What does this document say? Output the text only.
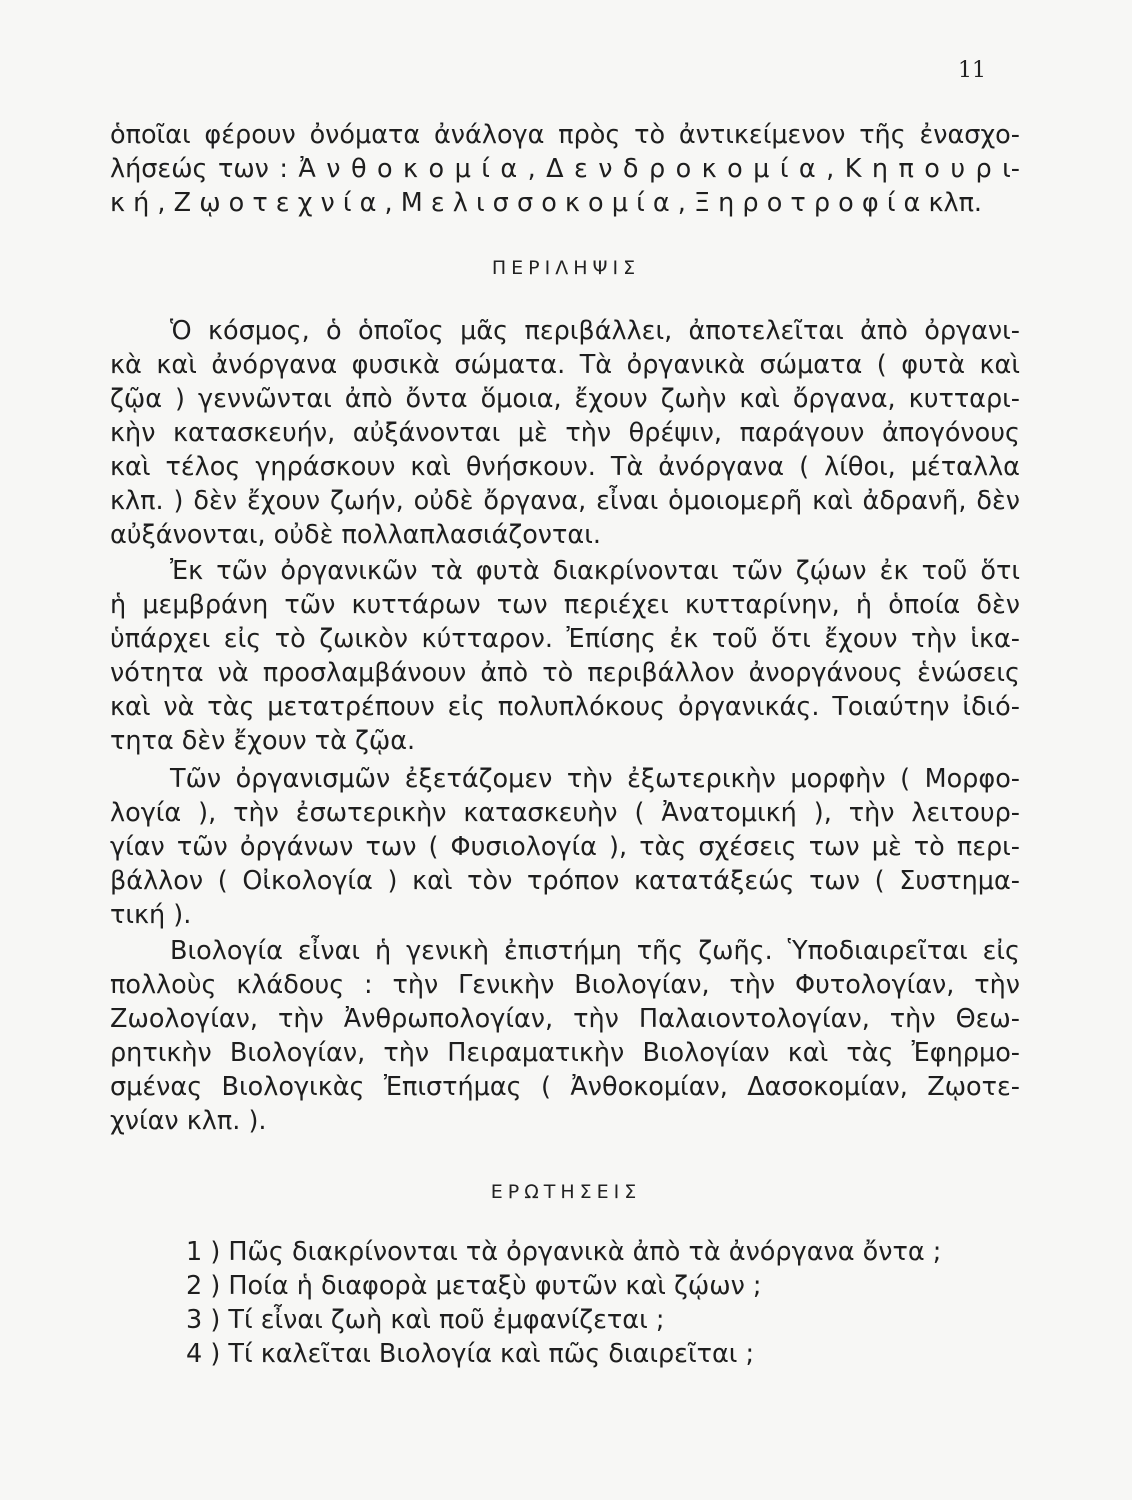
11
ὁποῖαι φέρουν ὀνόματα ἀνάλογα πρὸς τὸ ἀντικείμενον τῆς ἐνασχο-
λήσεώς των : Ἀ ν θ ο κ ο μ ί α , Δ ε ν δ ρ ο κ ο μ ί α , Κ η π ο υ ρ ι-
κ ή , Ζ ῳ ο τ ε χ ν ί α , Μ ε λ ι σ σ ο κ ο μ ί α , Ξ η ρ ο τ ρ ο φ ί α κλπ.
ΠΕΡΙΛΗΨΙΣ
Ὁ κόσμος, ὁ ὁποῖος μᾶς περιβάλλει, ἀποτελεῖται ἀπὸ ὀργανι-
κὰ καὶ ἀνόργανα φυσικὰ σώματα. Τὰ ὀργανικὰ σώματα ( φυτὰ καὶ
ζῷα ) γεννῶνται ἀπὸ ὄντα ὅμοια, ἔχουν ζωὴν καὶ ὄργανα, κυτταρι-
κὴν κατασκευήν, αὐξάνονται μὲ τὴν θρέψιν, παράγουν ἀπογόνους
καὶ τέλος γηράσκουν καὶ θνήσκουν. Τὰ ἀνόργανα ( λίθοι, μέταλλα
κλπ. ) δὲν ἔχουν ζωήν, οὐδὲ ὄργανα, εἶναι ὁμοιομερῆ καὶ ἀδρανῆ, δὲν
αὐξάνονται, οὐδὲ πολλαπλασιάζονται.
Ἐκ τῶν ὀργανικῶν τὰ φυτὰ διακρίνονται τῶν ζῴων ἐκ τοῦ ὅτι
ἡ μεμβράνη τῶν κυττάρων των περιέχει κυτταρίνην, ἡ ὁποία δὲν
ὑπάρχει εἰς τὸ ζωικὸν κύτταρον. Ἐπίσης ἐκ τοῦ ὅτι ἔχουν τὴν ἱκα-
νότητα νὰ προσλαμβάνουν ἀπὸ τὸ περιβάλλον ἀνοργάνους ἑνώσεις
καὶ νὰ τὰς μετατρέπουν εἰς πολυπλόκους ὀργανικάς. Τοιαύτην ἰδιό-
τητα δὲν ἔχουν τὰ ζῷα.
Τῶν ὀργανισμῶν ἐξετάζομεν τὴν ἐξωτερικὴν μορφὴν ( Μορφο-
λογία ), τὴν ἐσωτερικὴν κατασκευὴν ( Ἀνατομική ), τὴν λειτουρ-
γίαν τῶν ὀργάνων των ( Φυσιολογία ), τὰς σχέσεις των μὲ τὸ περι-
βάλλον ( Οἰκολογία ) καὶ τὸν τρόπον κατατάξεώς των ( Συστημα-
τική ).
Βιολογία εἶναι ἡ γενικὴ ἐπιστήμη τῆς ζωῆς. Ὑποδιαιρεῖται εἰς
πολλοὺς κλάδους : τὴν Γενικὴν Βιολογίαν, τὴν Φυτολογίαν, τὴν
Ζωολογίαν, τὴν Ἀνθρωπολογίαν, τὴν Παλαιοντολογίαν, τὴν Θεω-
ρητικὴν Βιολογίαν, τὴν Πειραματικὴν Βιολογίαν καὶ τὰς Ἐφηρμο-
σμένας Βιολογικὰς Ἐπιστήμας ( Ἀνθοκομίαν, Δασοκομίαν, Ζῳοτε-
χνίαν κλπ. ).
ΕΡΩΤΗΣΕΙΣ
1 ) Πῶς διακρίνονται τὰ ὀργανικὰ ἀπὸ τὰ ἀνόργανα ὄντα ;
2 ) Ποία ἡ διαφορὰ μεταξὺ φυτῶν καὶ ζῴων ;
3 ) Τί εἶναι ζωὴ καὶ ποῦ ἐμφανίζεται ;
4 ) Τί καλεῖται Βιολογία καὶ πῶς διαιρεῖται ;
